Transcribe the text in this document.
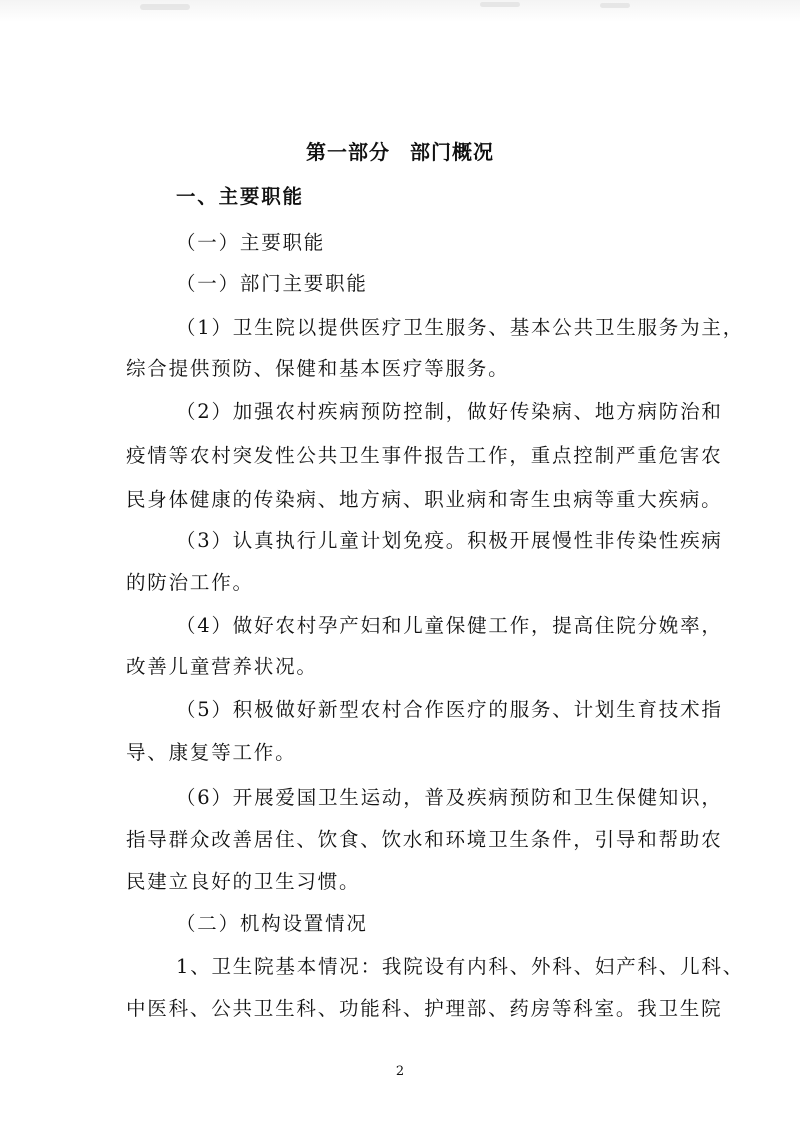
第一部分 部门概况
一、主要职能
（一）主要职能
（一）部门主要职能
（1）卫生院以提供医疗卫生服务、基本公共卫生服务为主，
综合提供预防、保健和基本医疗等服务。
（2）加强农村疾病预防控制，做好传染病、地方病防治和
疫情等农村突发性公共卫生事件报告工作，重点控制严重危害农
民身体健康的传染病、地方病、职业病和寄生虫病等重大疾病。
（3）认真执行儿童计划免疫。积极开展慢性非传染性疾病
的防治工作。
（4）做好农村孕产妇和儿童保健工作，提高住院分娩率，
改善儿童营养状况。
（5）积极做好新型农村合作医疗的服务、计划生育技术指
导、康复等工作。
（6）开展爱国卫生运动，普及疾病预防和卫生保健知识，
指导群众改善居住、饮食、饮水和环境卫生条件，引导和帮助农
民建立良好的卫生习惯。
（二）机构设置情况
1、卫生院基本情况：我院设有内科、外科、妇产科、儿科、
中医科、公共卫生科、功能科、护理部、药房等科室。我卫生院
2
